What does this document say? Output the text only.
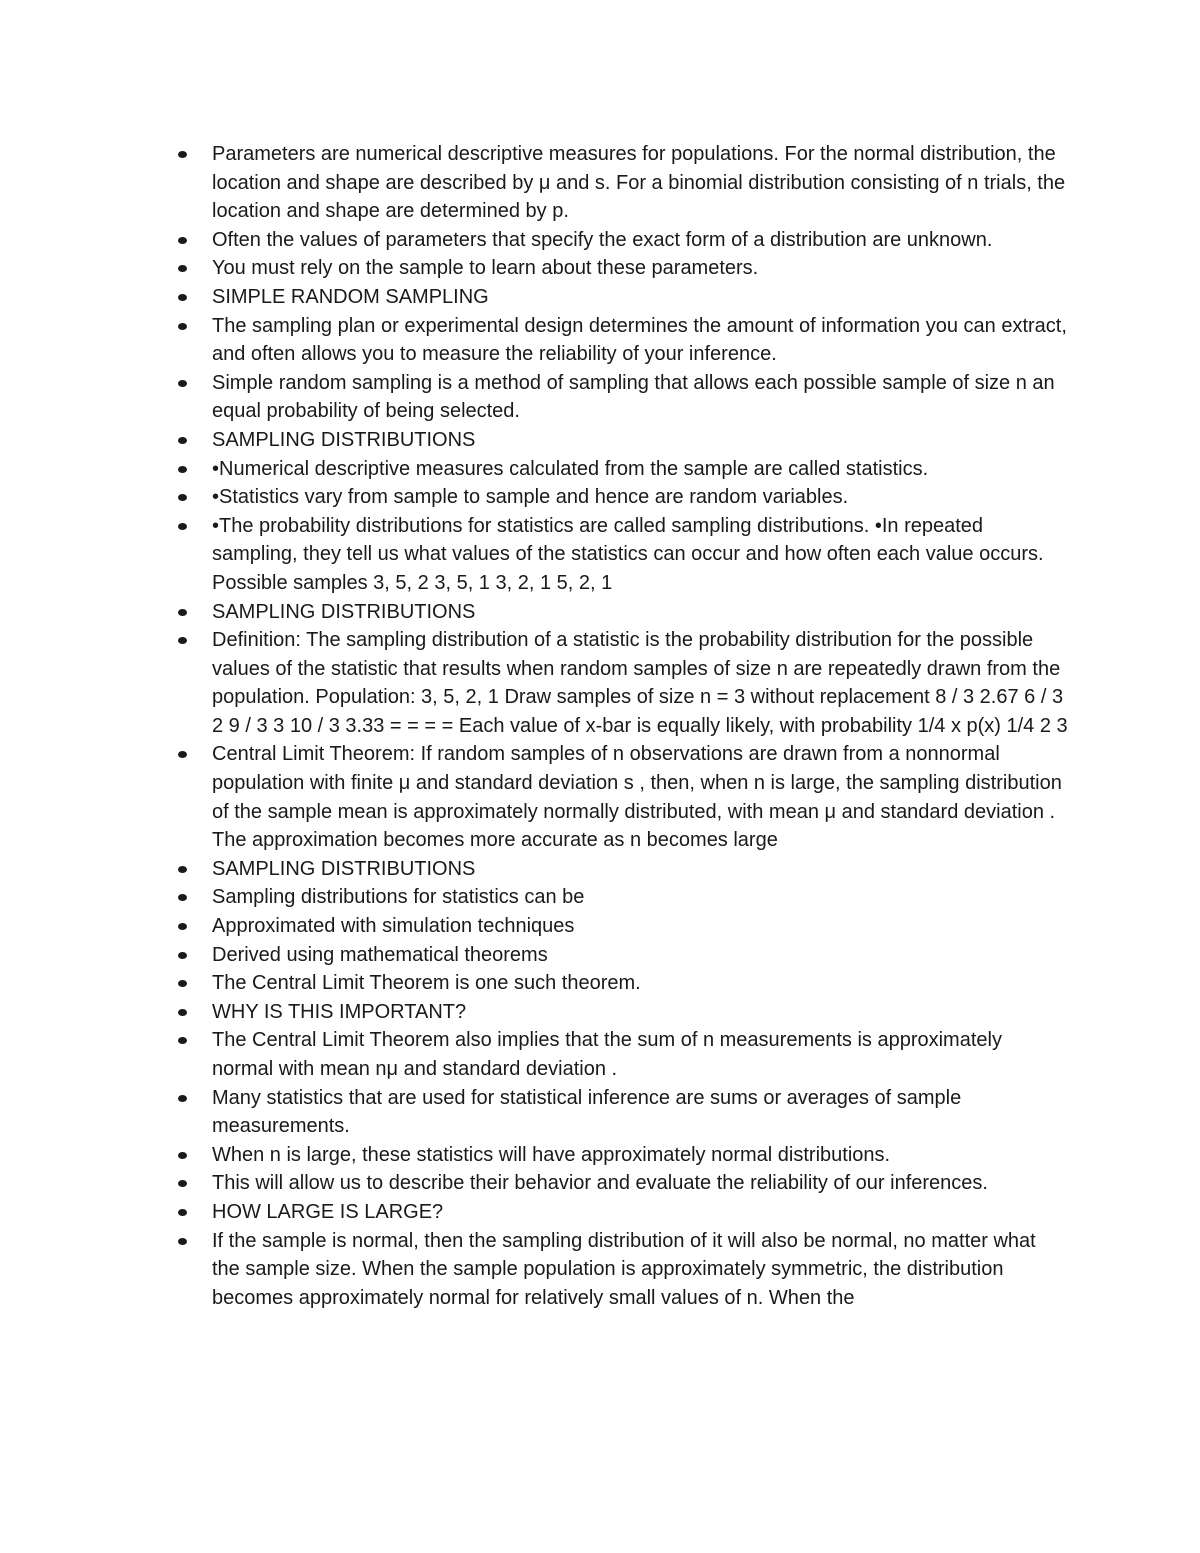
Parameters are numerical descriptive measures for populations. For the normal distribution, the location and shape are described by μ and s. For a binomial distribution consisting of n trials, the location and shape are determined by p.
Often the values of parameters that specify the exact form of a distribution are unknown.
You must rely on the sample to learn about these parameters.
SIMPLE RANDOM SAMPLING
The sampling plan or experimental design determines the amount of information you can extract, and often allows you to measure the reliability of your inference.
Simple random sampling is a method of sampling that allows each possible sample of size n an equal probability of being selected.
SAMPLING DISTRIBUTIONS
•Numerical descriptive measures calculated from the sample are called statistics.
•Statistics vary from sample to sample and hence are random variables.
•The probability distributions for statistics are called sampling distributions. •In repeated sampling, they tell us what values of the statistics can occur and how often each value occurs. Possible samples 3, 5, 2 3, 5, 1 3, 2, 1 5, 2, 1
SAMPLING DISTRIBUTIONS
Definition: The sampling distribution of a statistic is the probability distribution for the possible values of the statistic that results when random samples of size n are repeatedly drawn from the population. Population: 3, 5, 2, 1 Draw samples of size n = 3 without replacement 8 / 3 2.67 6 / 3 2 9 / 3 3 10 / 3 3.33 = = = = Each value of x-bar is equally likely, with probability 1/4 x p(x) 1/4 2 3
Central Limit Theorem: If random samples of n observations are drawn from a nonnormal population with finite μ and standard deviation s , then, when n is large, the sampling distribution of the sample mean is approximately normally distributed, with mean μ and standard deviation . The approximation becomes more accurate as n becomes large
SAMPLING DISTRIBUTIONS
Sampling distributions for statistics can be
Approximated with simulation techniques
Derived using mathematical theorems
The Central Limit Theorem is one such theorem.
WHY IS THIS IMPORTANT?
The Central Limit Theorem also implies that the sum of n measurements is approximately normal with mean nμ and standard deviation .
Many statistics that are used for statistical inference are sums or averages of sample measurements.
When n is large, these statistics will have approximately normal distributions.
This will allow us to describe their behavior and evaluate the reliability of our inferences.
HOW LARGE IS LARGE?
If the sample is normal, then the sampling distribution of it will also be normal, no matter what the sample size. When the sample population is approximately symmetric, the distribution becomes approximately normal for relatively small values of n. When the
